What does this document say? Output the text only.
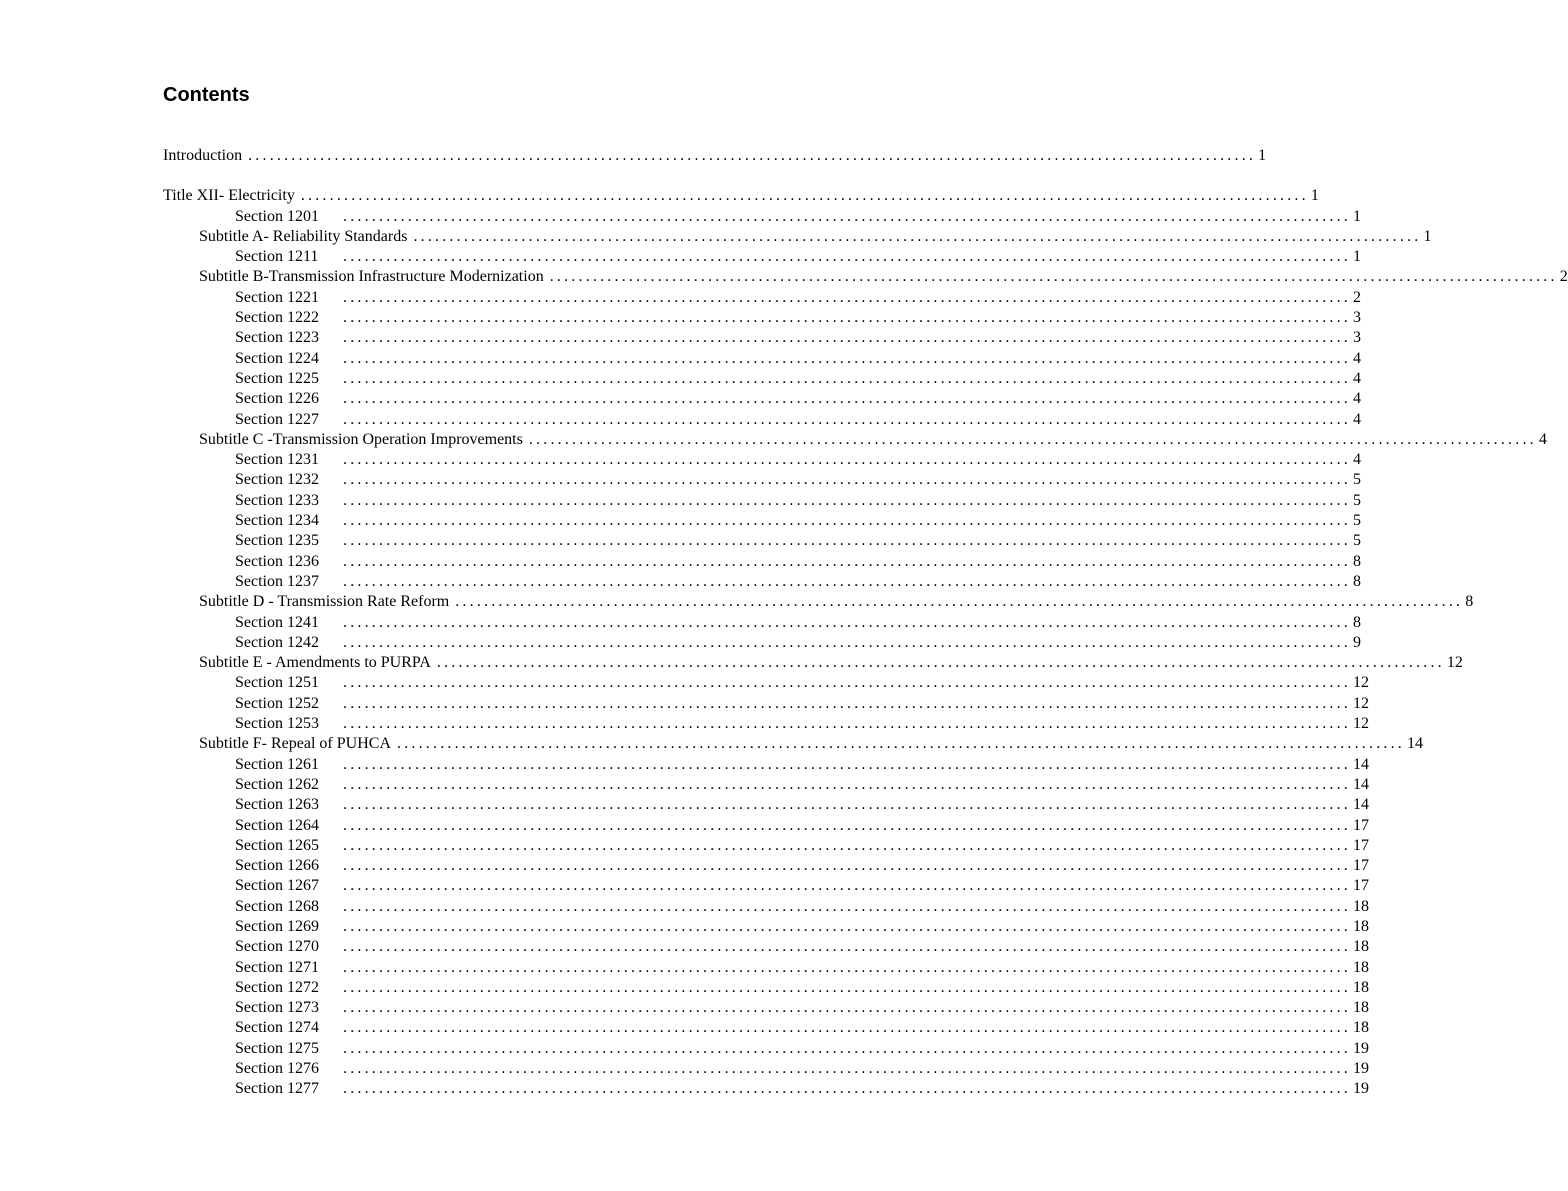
Contents
Introduction ............................................................................................................................................ 1
Title XII- Electricity ............................................................................................................................................ 1
Section 1201	............................................................................................................................................ 1
Subtitle A- Reliability Standards ............................................................................................................................................ 1
Section 1211	............................................................................................................................................ 1
Subtitle B-Transmission Infrastructure Modernization ............................................................................................................................................ 2
Section 1221	............................................................................................................................................ 2
Section 1222	............................................................................................................................................ 3
Section 1223	............................................................................................................................................ 3
Section 1224	............................................................................................................................................ 4
Section 1225	............................................................................................................................................ 4
Section 1226	............................................................................................................................................ 4
Section 1227	............................................................................................................................................ 4
Subtitle C -Transmission Operation Improvements ............................................................................................................................................ 4
Section 1231	............................................................................................................................................ 4
Section 1232	............................................................................................................................................ 5
Section 1233	............................................................................................................................................ 5
Section 1234	............................................................................................................................................ 5
Section 1235	............................................................................................................................................ 5
Section 1236	............................................................................................................................................ 8
Section 1237	............................................................................................................................................ 8
Subtitle D - Transmission Rate Reform ............................................................................................................................................ 8
Section 1241	............................................................................................................................................ 8
Section 1242	............................................................................................................................................ 9
Subtitle E - Amendments to PURPA ............................................................................................................................................ 12
Section 1251	............................................................................................................................................ 12
Section 1252	............................................................................................................................................ 12
Section 1253	............................................................................................................................................ 12
Subtitle F- Repeal of PUHCA ............................................................................................................................................ 14
Section 1261	............................................................................................................................................ 14
Section 1262	............................................................................................................................................ 14
Section 1263	............................................................................................................................................ 14
Section 1264	............................................................................................................................................ 17
Section 1265	............................................................................................................................................ 17
Section 1266	............................................................................................................................................ 17
Section 1267	............................................................................................................................................ 17
Section 1268	............................................................................................................................................ 18
Section 1269	............................................................................................................................................ 18
Section 1270	............................................................................................................................................ 18
Section 1271	............................................................................................................................................ 18
Section 1272	............................................................................................................................................ 18
Section 1273	............................................................................................................................................ 18
Section 1274	............................................................................................................................................ 18
Section 1275	............................................................................................................................................ 19
Section 1276	............................................................................................................................................ 19
Section 1277	............................................................................................................................................ 19
